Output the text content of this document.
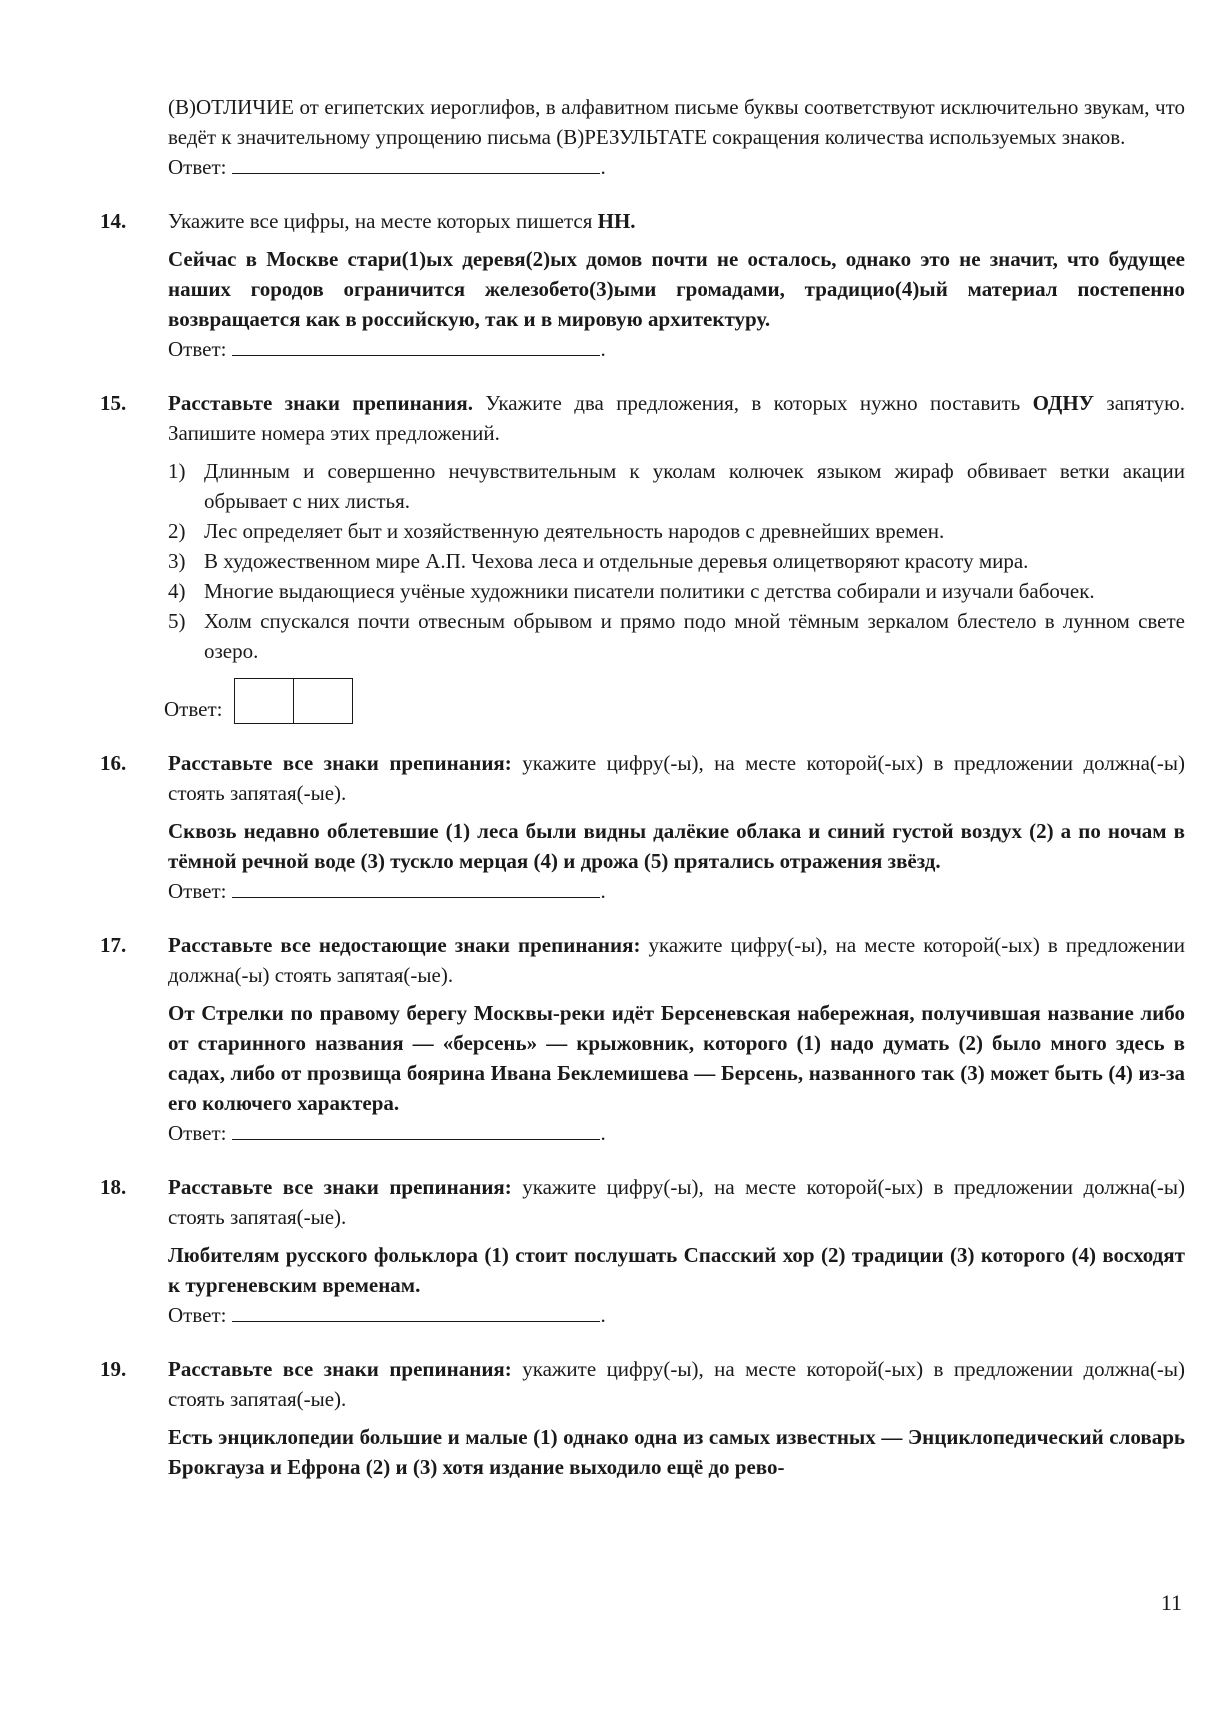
(В)ОТЛИЧИЕ от египетских иероглифов, в алфавитном письме буквы соответствуют исключительно звукам, что ведёт к значительному упрощению письма (В)РЕЗУЛЬТАТЕ сокращения количества используемых знаков.
Ответ:	.
14. Укажите все цифры, на месте которых пишется НН.
Сейчас в Москве стари(1)ых деревя(2)ых домов почти не осталось, однако это не значит, что будущее наших городов ограничится железобето(3)ыми громадами, традицио(4)ый материал постепенно возвращается как в российскую, так и в мировую архитектуру.
Ответ:	.
15. Расставьте знаки препинания. Укажите два предложения, в которых нужно поставить ОДНУ запятую. Запишите номера этих предложений.
1) Длинным и совершенно нечувствительным к уколам колючек языком жираф обвивает ветки акации обрывает с них листья.
2) Лес определяет быт и хозяйственную деятельность народов с древнейших времен.
3) В художественном мире А.П. Чехова леса и отдельные деревья олицетворяют красоту мира.
4) Многие выдающиеся учёные художники писатели политики с детства собирали и изучали бабочек.
5) Холм спускался почти отвесным обрывом и прямо подо мной тёмным зеркалом блестело в лунном свете озеро.
Ответ:
16. Расставьте все знаки препинания: укажите цифру(-ы), на месте которой(-ых) в предложении должна(-ы) стоять запятая(-ые).
Сквозь недавно облетевшие (1) леса были видны далёкие облака и синий густой воздух (2) а по ночам в тёмной речной воде (3) тускло мерцая (4) и дрожа (5) прятались отражения звёзд.
Ответ:	.
17. Расставьте все недостающие знаки препинания: укажите цифру(-ы), на месте которой(-ых) в предложении должна(-ы) стоять запятая(-ые).
От Стрелки по правому берегу Москвы-реки идёт Берсеневская набережная, получившая название либо от старинного названия — «берсень» — крыжовник, которого (1) надо думать (2) было много здесь в садах, либо от прозвища боярина Ивана Беклемишева — Берсень, названного так (3) может быть (4) из-за его колючего характера.
Ответ:	.
18. Расставьте все знаки препинания: укажите цифру(-ы), на месте которой(-ых) в предложении должна(-ы) стоять запятая(-ые).
Любителям русского фольклора (1) стоит послушать Спасский хор (2) традиции (3) которого (4) восходят к тургеневским временам.
Ответ:	.
19. Расставьте все знаки препинания: укажите цифру(-ы), на месте которой(-ых) в предложении должна(-ы) стоять запятая(-ые).
Есть энциклопедии большие и малые (1) однако одна из самых известных — Энциклопедический словарь Брокгауза и Ефрона (2) и (3) хотя издание выходило ещё до рево-
11
